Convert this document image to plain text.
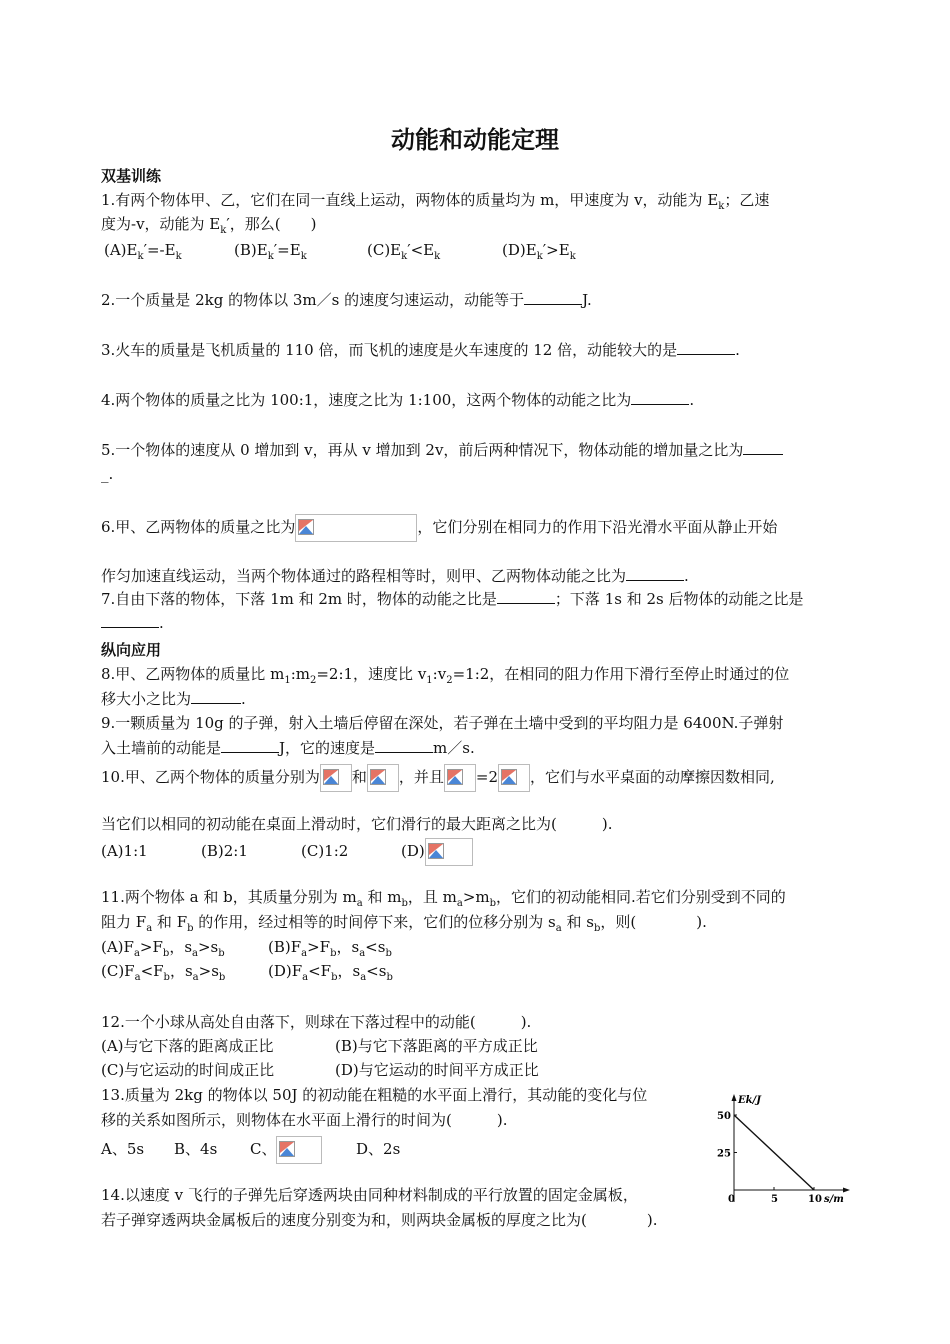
动能和动能定理
双基训练
1.有两个物体甲、乙，它们在同一直线上运动，两物体的质量均为 m，甲速度为 v，动能为 $E_k$；乙速
度为-v，动能为 $E_k'$，那么(　　)
$(A)E_k'=-E_k$	$(B)E_k'=E_k$	$(C)E_k'<E_k$	$(D)E_k'>E_k$
2.一个质量是 2kg 的物体以 3m／s 的速度匀速运动，动能等于	J.
3.火车的质量是飞机质量的 110 倍，而飞机的速度是火车速度的 12 倍，动能较大的是	.
4.两个物体的质量之比为 100:1，速度之比为 1:100，这两个物体的动能之比为	.
5.一个物体的速度从 0 增加到 v，再从 v 增加到 2v，前后两种情况下，物体动能的增加量之比为
_.
6.甲、乙两物体的质量之比为	，它们分别在相同力的作用下沿光滑水平面从静止开始
作匀加速直线运动，当两个物体通过的路程相等时，则甲、乙两物体动能之比为	.
7.自由下落的物体，下落 1m 和 2m 时，物体的动能之比是	；下落 1s 和 2s 后物体的动能之比是
.
纵向应用
8.甲、乙两物体的质量比 $m_1:m_2=2:1$，速度比 $v_1:v_2=1:2$，在相同的阻力作用下滑行至停止时通过的位
移大小之比为	.
9.一颗质量为 10g 的子弹，射入土墙后停留在深处，若子弹在土墙中受到的平均阻力是 6400N.子弹射
入土墙前的动能是	J，它的速度是	m／s.
10.甲、乙两个物体的质量分别为 和 ，并且 =2 ，它们与水平桌面的动摩擦因数相同,
当它们以相同的初动能在桌面上滑动时，它们滑行的最大距离之比为(　　　).
(A)1:1	(B)2:1	(C)1:2	(D)
11.两个物体 a 和 b，其质量分别为 $m_a$ 和 $m_b$，且 $m_a>m_b$，它们的初动能相同.若它们分别受到不同的
阻力 $F_a$ 和 $F_b$ 的作用，经过相等的时间停下来，它们的位移分别为 $s_a$ 和 $s_b$，则(　　　　).
$(A)F_a>F_b$，$s_a>s_b$	$(B)F_a>F_b$，$s_a<s_b$
$(C)F_a<F_b$，$s_a>s_b$	$(D)F_a<F_b$，$s_a<s_b$
12.一个小球从高处自由落下，则球在下落过程中的动能(　　　).
(A)与它下落的距离成正比	(B)与它下落距离的平方成正比
(C)与它运动的时间成正比	(D)与它运动的时间平方成正比
13.质量为 2kg 的物体以 50J 的初动能在粗糙的水平面上滑行，其动能的变化与位
移的关系如图所示，则物体在水平面上滑行的时间为(　　　).
A、5s B、4s C、	D、2s
Ek/J
s/m
0	5	10
25
50
14.以速度 v 飞行的子弹先后穿透两块由同种材料制成的平行放置的固定金属板，
若子弹穿透两块金属板后的速度分别变为和，则两块金属板的厚度之比为(　　　　).
